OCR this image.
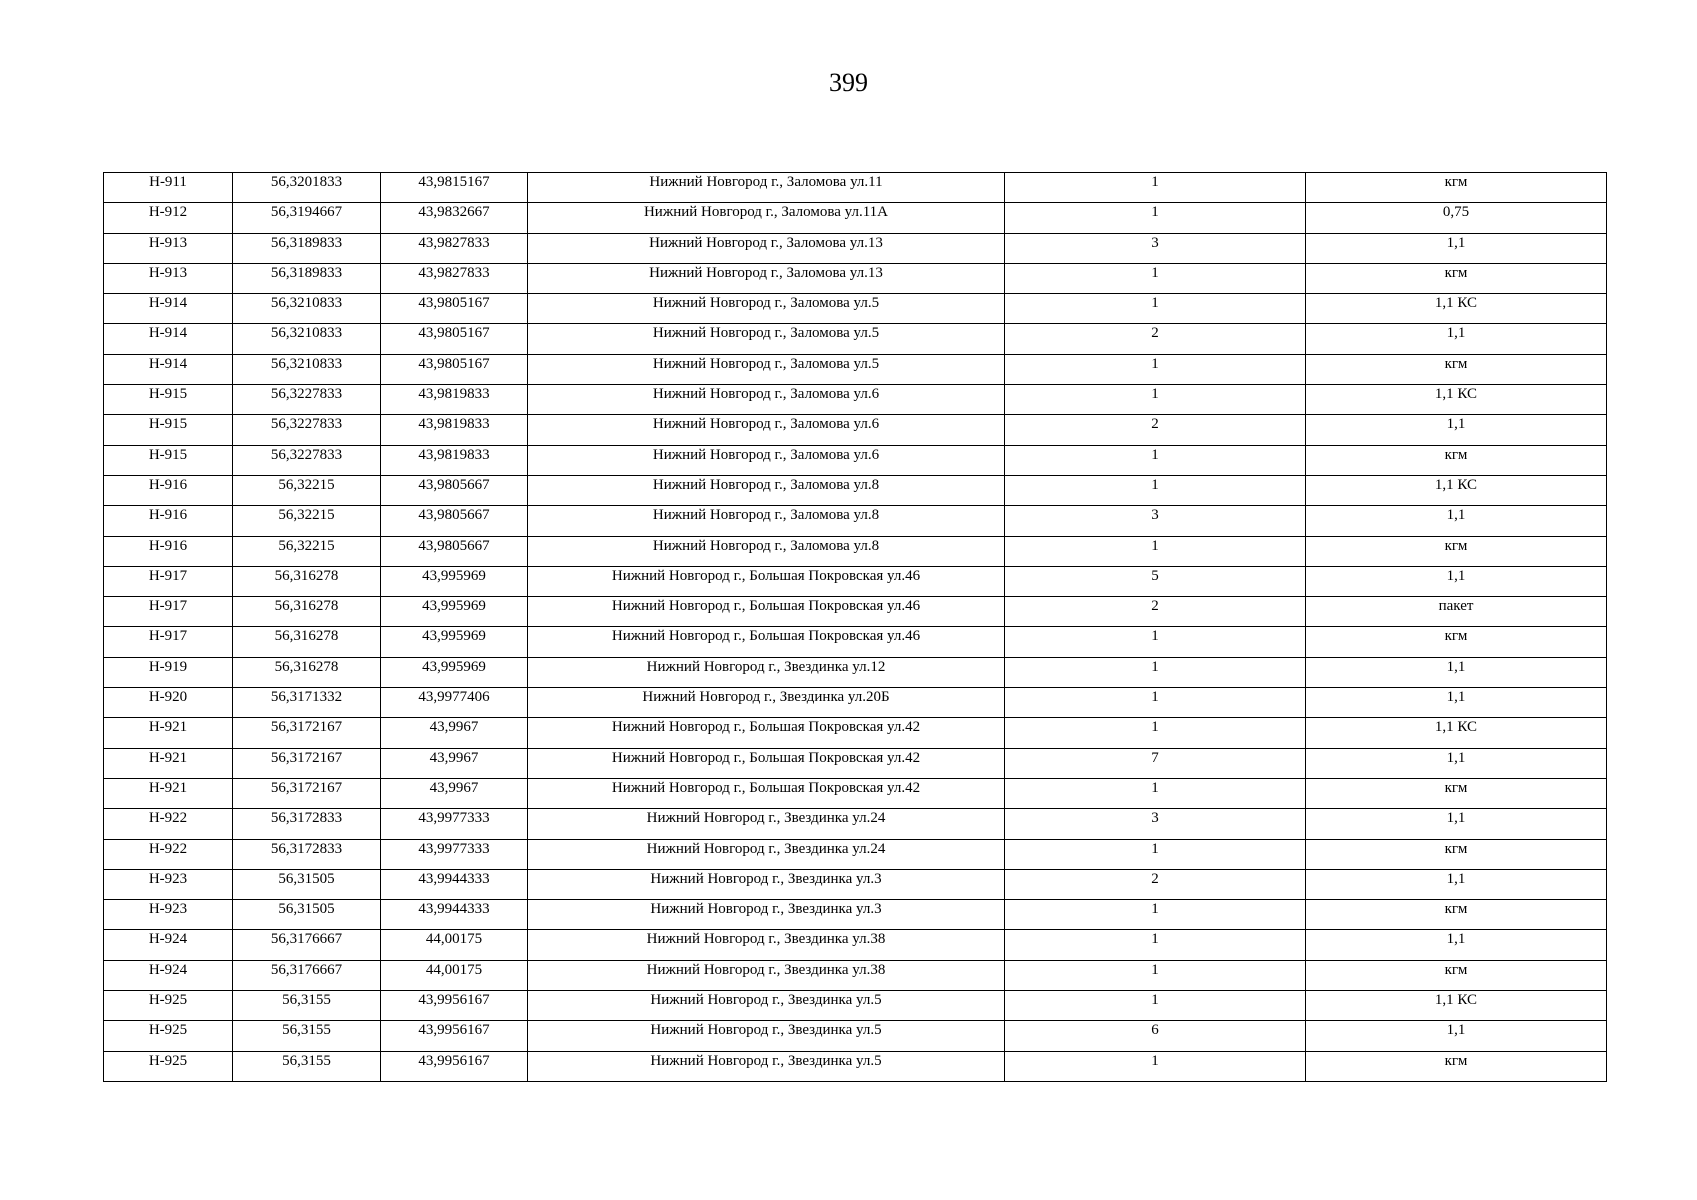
399
Н-911	56,3201833	43,9815167	Нижний Новгород г., Заломова ул.11	1	кгм
Н-912	56,3194667	43,9832667	Нижний Новгород г., Заломова ул.11А	1	0,75
Н-913	56,3189833	43,9827833	Нижний Новгород г., Заломова ул.13	3	1,1
Н-913	56,3189833	43,9827833	Нижний Новгород г., Заломова ул.13	1	кгм
Н-914	56,3210833	43,9805167	Нижний Новгород г., Заломова ул.5	1	1,1 КС
Н-914	56,3210833	43,9805167	Нижний Новгород г., Заломова ул.5	2	1,1
Н-914	56,3210833	43,9805167	Нижний Новгород г., Заломова ул.5	1	кгм
Н-915	56,3227833	43,9819833	Нижний Новгород г., Заломова ул.6	1	1,1 КС
Н-915	56,3227833	43,9819833	Нижний Новгород г., Заломова ул.6	2	1,1
Н-915	56,3227833	43,9819833	Нижний Новгород г., Заломова ул.6	1	кгм
Н-916	56,32215	43,9805667	Нижний Новгород г., Заломова ул.8	1	1,1 КС
Н-916	56,32215	43,9805667	Нижний Новгород г., Заломова ул.8	3	1,1
Н-916	56,32215	43,9805667	Нижний Новгород г., Заломова ул.8	1	кгм
Н-917	56,316278	43,995969	Нижний Новгород г., Большая Покровская ул.46	5	1,1
Н-917	56,316278	43,995969	Нижний Новгород г., Большая Покровская ул.46	2	пакет
Н-917	56,316278	43,995969	Нижний Новгород г., Большая Покровская ул.46	1	кгм
Н-919	56,316278	43,995969	Нижний Новгород г., Звездинка ул.12	1	1,1
Н-920	56,3171332	43,9977406	Нижний Новгород г., Звездинка ул.20Б	1	1,1
Н-921	56,3172167	43,9967	Нижний Новгород г., Большая Покровская ул.42	1	1,1 КС
Н-921	56,3172167	43,9967	Нижний Новгород г., Большая Покровская ул.42	7	1,1
Н-921	56,3172167	43,9967	Нижний Новгород г., Большая Покровская ул.42	1	кгм
Н-922	56,3172833	43,9977333	Нижний Новгород г., Звездинка ул.24	3	1,1
Н-922	56,3172833	43,9977333	Нижний Новгород г., Звездинка ул.24	1	кгм
Н-923	56,31505	43,9944333	Нижний Новгород г., Звездинка ул.3	2	1,1
Н-923	56,31505	43,9944333	Нижний Новгород г., Звездинка ул.3	1	кгм
Н-924	56,3176667	44,00175	Нижний Новгород г., Звездинка ул.38	1	1,1
Н-924	56,3176667	44,00175	Нижний Новгород г., Звездинка ул.38	1	кгм
Н-925	56,3155	43,9956167	Нижний Новгород г., Звездинка ул.5	1	1,1 КС
Н-925	56,3155	43,9956167	Нижний Новгород г., Звездинка ул.5	6	1,1
Н-925	56,3155	43,9956167	Нижний Новгород г., Звездинка ул.5	1	кгм
